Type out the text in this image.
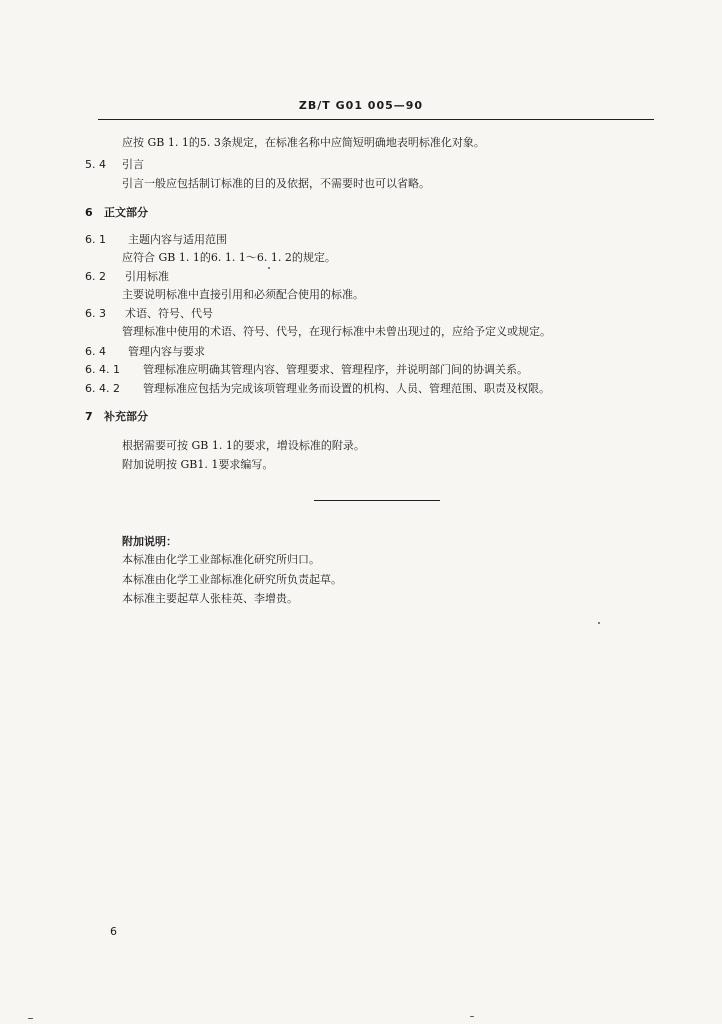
ZB/T G01 005—90
应按 GB 1. 1的5. 3条规定，在标准名称中应简短明确地表明标准化对象。
5. 4 引言
引言一般应包括制订标准的目的及依据，不需要时也可以省略。
6 正文部分
6. 1 主题内容与适用范围
应符合 GB 1. 1的6. 1. 1～6. 1. 2的规定。
6. 2 引用标准
主要说明标准中直接引用和必须配合使用的标准。
6. 3 术语、符号、代号
管理标准中使用的术语、符号、代号，在现行标准中未曾出现过的，应给予定义或规定。
6. 4 管理内容与要求
6. 4. 1 管理标准应明确其管理内容、管理要求、管理程序，并说明部门间的协调关系。
6. 4. 2 管理标准应包括为完成该项管理业务而设置的机构、人员、管理范围、职责及权限。
7 补充部分
根据需要可按 GB 1. 1的要求，增设标准的附录。
附加说明按 GB1. 1要求编写。
附加说明：
本标准由化学工业部标准化研究所归口。
本标准由化学工业部标准化研究所负责起草。
本标准主要起草人张桂英、李增贵。
6
